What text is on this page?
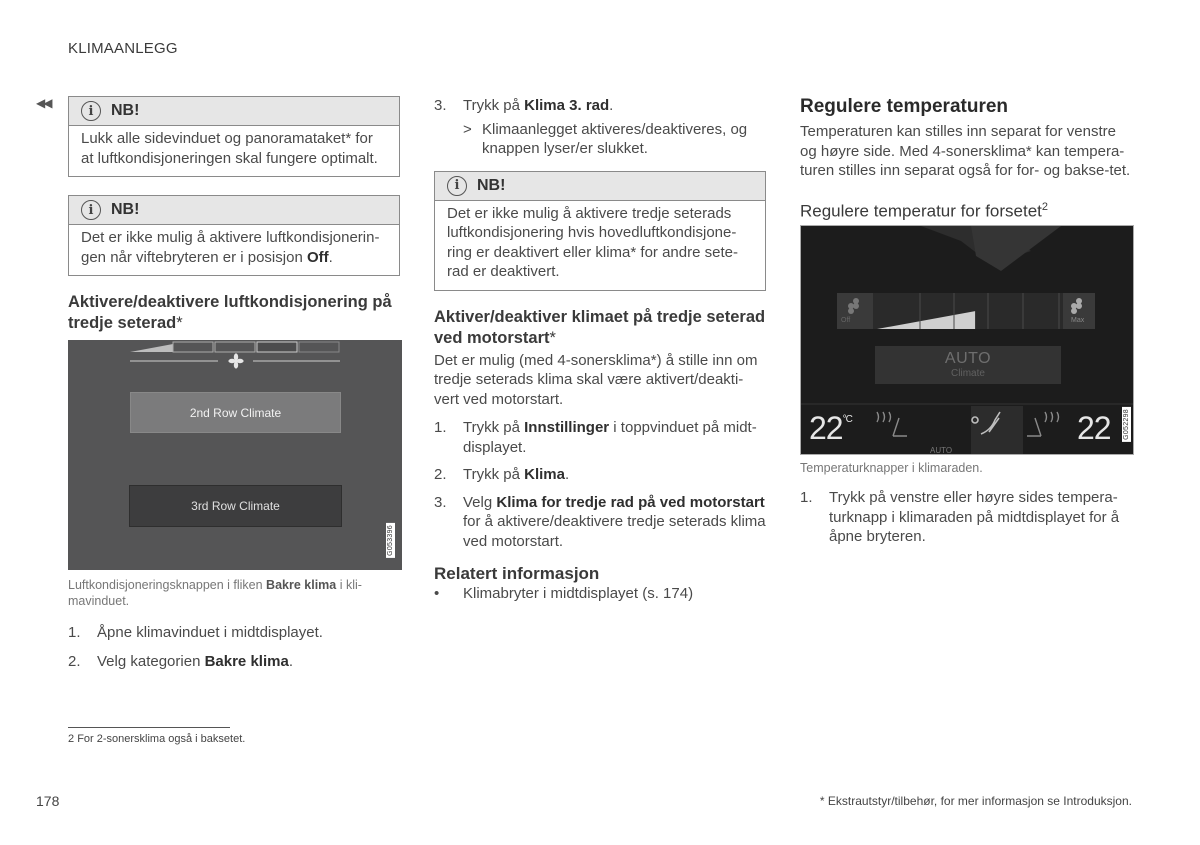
KLIMAANLEGG
◀◀
i	NB!
Lukk alle sidevinduet og panoramataket* for at luftkondisjoneringen skal fungere optimalt.
i	NB!
Det er ikke mulig å aktivere luftkondisjonerin-gen når viftebryteren er i posisjon Off.
Aktivere/deaktivere luftkondisjonering på tredje seterad*
2nd Row Climate
3rd Row Climate
G053396
Luftkondisjoneringsknappen i fliken Bakre klima i kli-mavinduet.
1.	Åpne klimavinduet i midtdisplayet.
2.	Velg kategorien Bakre klima.
3.	Trykk på Klima 3. rad.
> Klimaanlegget aktiveres/deaktiveres, og knappen lyser/er slukket.
i	NB!
Det er ikke mulig å aktivere tredje seterads luftkondisjonering hvis hovedluftkondisjone-ring er deaktivert eller klima* for andre sete-rad er deaktivert.
Aktiver/deaktiver klimaet på tredje seterad ved motorstart*

Det er mulig (med 4-sonersklima*) å stille inn om tredje seterads klima skal være aktivert/deakti-vert ved motorstart.

1.	Trykk på Innstillinger i toppvinduet på midt-displayet.
2.	Trykk på Klima.
3.	Velg Klima for tredje rad på ved motorstart for å aktivere/deaktivere tredje seterads klima ved motorstart.
Relatert informasjon
•	Klimabryter i midtdisplayet (s. 174)
Regulere temperaturen

Temperaturen kan stilles inn separat for venstre og høyre side. Med 4-sonersklima* kan tempera-turen stilles inn separat også for for- og bakse-tet.

Regulere temperatur for forsetet$^2$
AUTO
Off	Max
AUTO
Climate
$22^{^\circ C}$	22 G052298
Temperaturknapper i klimaraden.
1.	Trykk på venstre eller høyre sides tempera-turknapp i klimaraden på midtdisplayet for å åpne bryteren.
2 For 2-sonersklima også i baksetet.
178	* Ekstrautstyr/tilbehør, for mer informasjon se Introduksjon.
